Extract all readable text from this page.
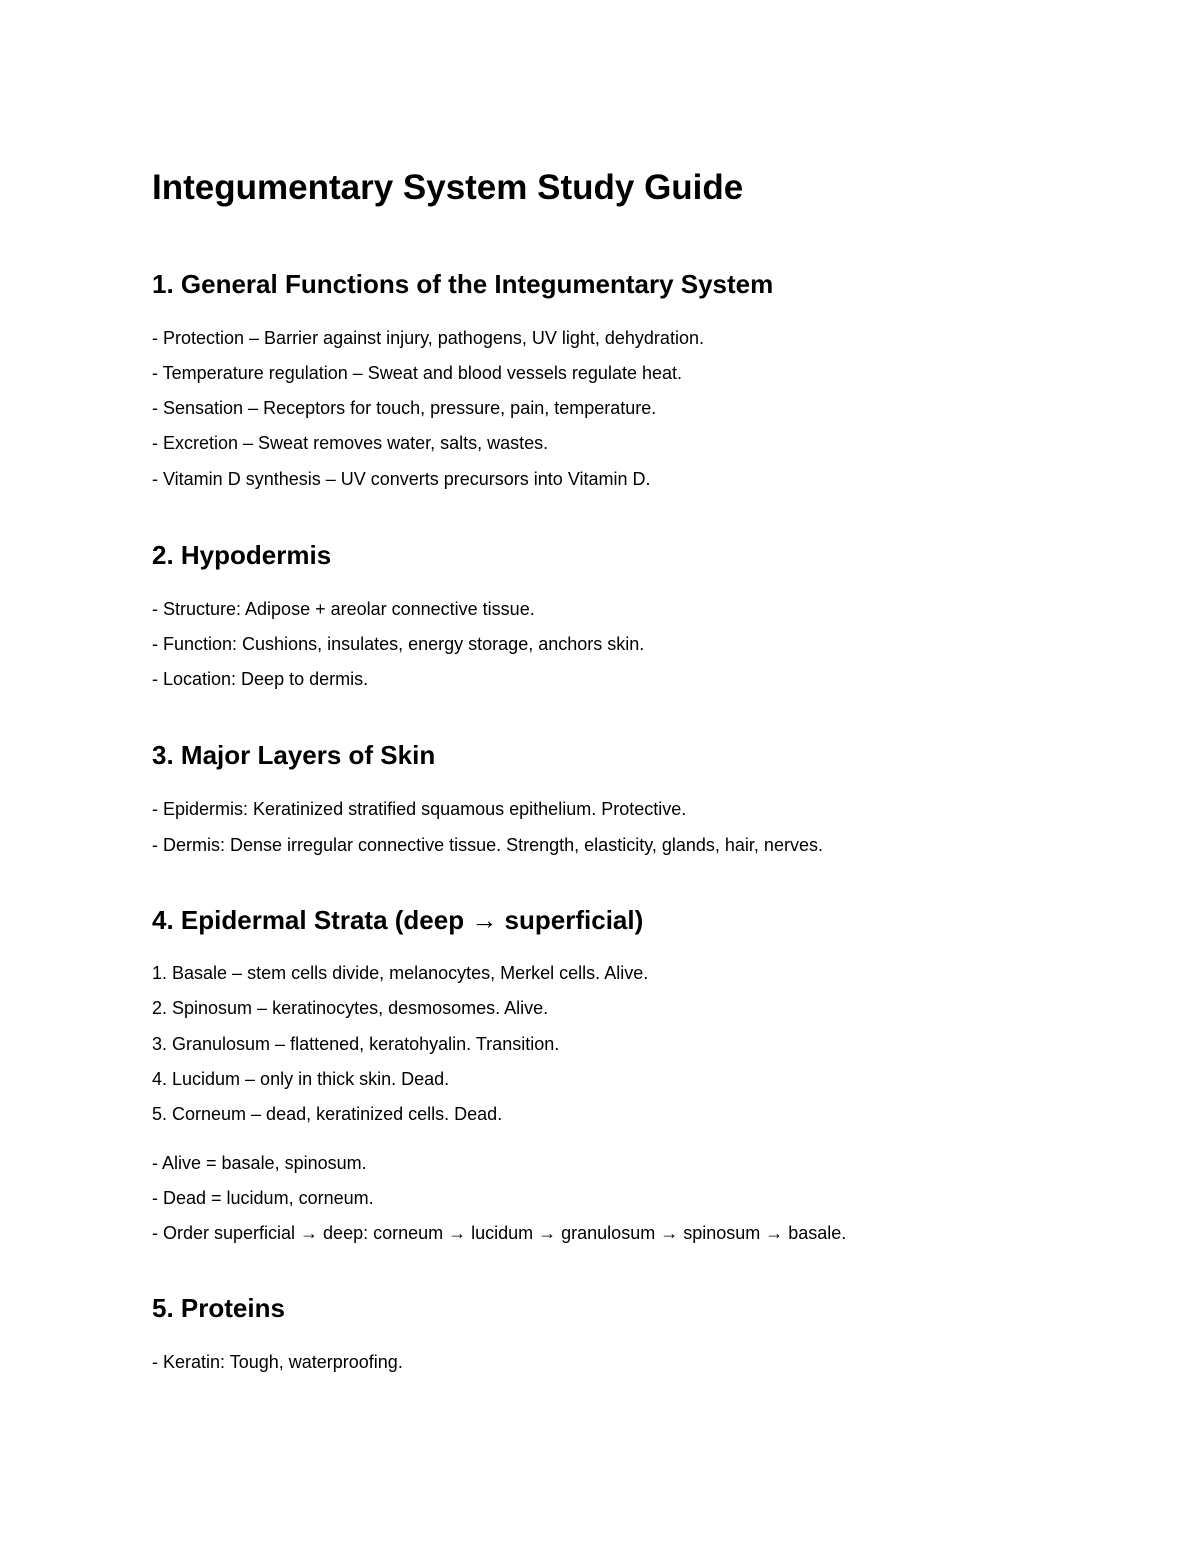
Integumentary System Study Guide
1. General Functions of the Integumentary System

- Protection – Barrier against injury, pathogens, UV light, dehydration.

- Temperature regulation – Sweat and blood vessels regulate heat.

- Sensation – Receptors for touch, pressure, pain, temperature.

- Excretion – Sweat removes water, salts, wastes.

- Vitamin D synthesis – UV converts precursors into Vitamin D.

2. Hypodermis

- Structure: Adipose + areolar connective tissue.

- Function: Cushions, insulates, energy storage, anchors skin.

- Location: Deep to dermis.

3. Major Layers of Skin

- Epidermis: Keratinized stratified squamous epithelium. Protective.

- Dermis: Dense irregular connective tissue. Strength, elasticity, glands, hair, nerves.

4. Epidermal Strata (deep → superficial)

1. Basale – stem cells divide, melanocytes, Merkel cells. Alive.

2. Spinosum – keratinocytes, desmosomes. Alive.

3. Granulosum – flattened, keratohyalin. Transition.

4. Lucidum – only in thick skin. Dead.

5. Corneum – dead, keratinized cells. Dead.

- Alive = basale, spinosum.

- Dead = lucidum, corneum.

- Order superficial → deep: corneum → lucidum → granulosum → spinosum → basale.

5. Proteins

- Keratin: Tough, waterproofing.
